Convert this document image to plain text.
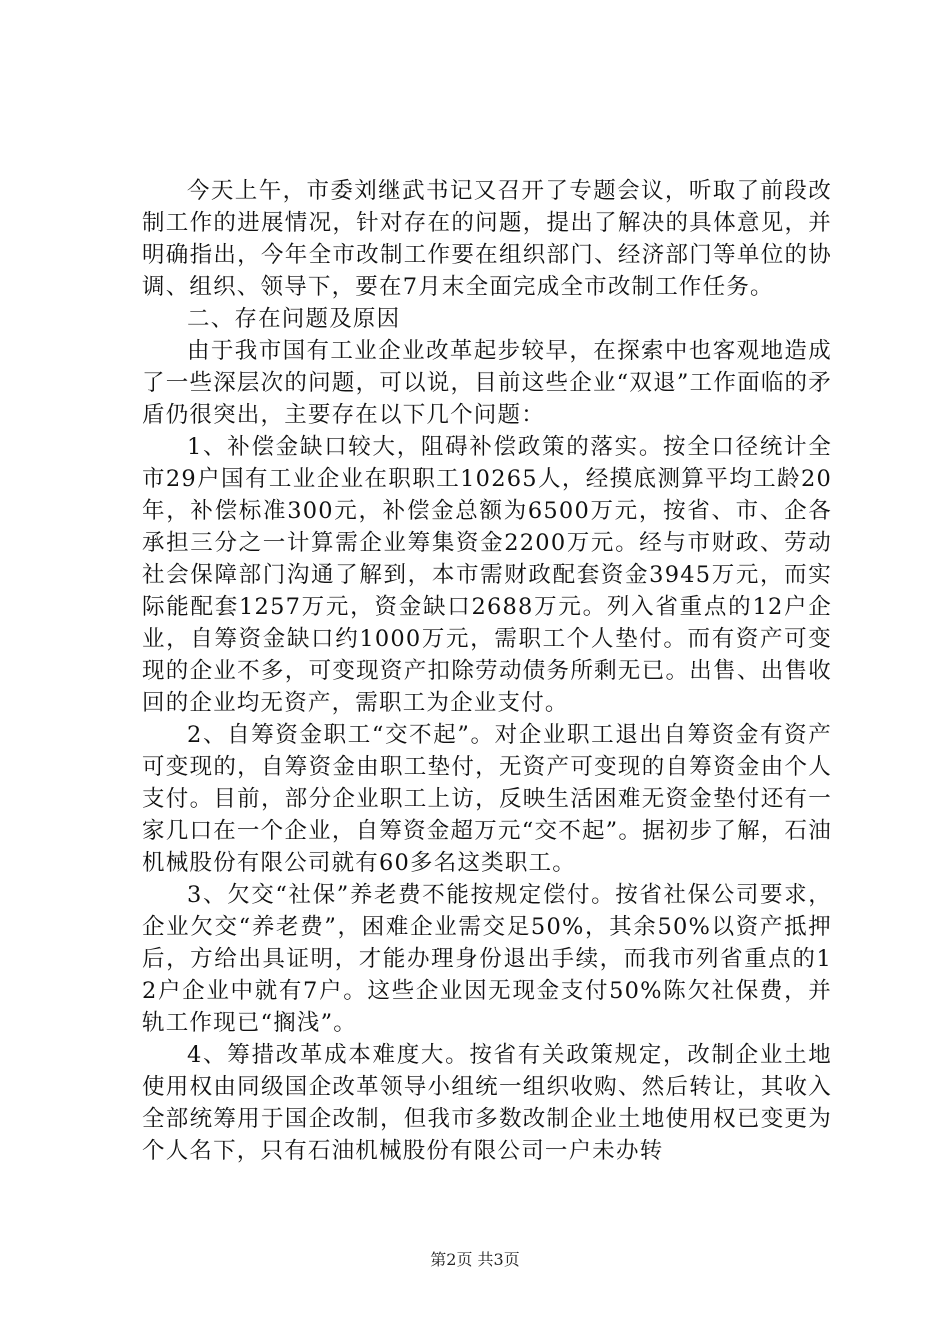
今天上午，市委刘继武书记又召开了专题会议，听取了前段改制工作的进展情况，针对存在的问题，提出了解决的具体意见，并明确指出，今年全市改制工作要在组织部门、经济部门等单位的协调、组织、领导下，要在7月末全面完成全市改制工作任务。

二、存在问题及原因

由于我市国有工业企业改革起步较早，在探索中也客观地造成了一些深层次的问题，可以说，目前这些企业“双退”工作面临的矛盾仍很突出，主要存在以下几个问题：

1、补偿金缺口较大，阻碍补偿政策的落实。按全口径统计全市29户国有工业企业在职职工10265人，经摸底测算平均工龄20年，补偿标准300元，补偿金总额为6500万元，按省、市、企各承担三分之一计算需企业筹集资金2200万元。经与市财政、劳动社会保障部门沟通了解到，本市需财政配套资金3945万元，而实际能配套1257万元，资金缺口2688万元。列入省重点的12户企业，自筹资金缺口约1000万元，需职工个人垫付。而有资产可变现的企业不多，可变现资产扣除劳动债务所剩无已。出售、出售收回的企业均无资产，需职工为企业支付。

2、自筹资金职工“交不起”。对企业职工退出自筹资金有资产可变现的，自筹资金由职工垫付，无资产可变现的自筹资金由个人支付。目前，部分企业职工上访，反映生活困难无资金垫付还有一家几口在一个企业，自筹资金超万元“交不起”。据初步了解，石油机械股份有限公司就有60多名这类职工。

3、欠交“社保”养老费不能按规定偿付。按省社保公司要求，企业欠交“养老费”，困难企业需交足50%，其余50%以资产抵押后，方给出具证明，才能办理身份退出手续，而我市列省重点的12户企业中就有7户。这些企业因无现金支付50%陈欠社保费，并轨工作现已“搁浅”。

4、筹措改革成本难度大。按省有关政策规定，改制企业土地使用权由同级国企改革领导小组统一组织收购、然后转让，其收入全部统筹用于国企改制，但我市多数改制企业土地使用权已变更为个人名下，只有石油机械股份有限公司一户未办转

第2页 共3页
